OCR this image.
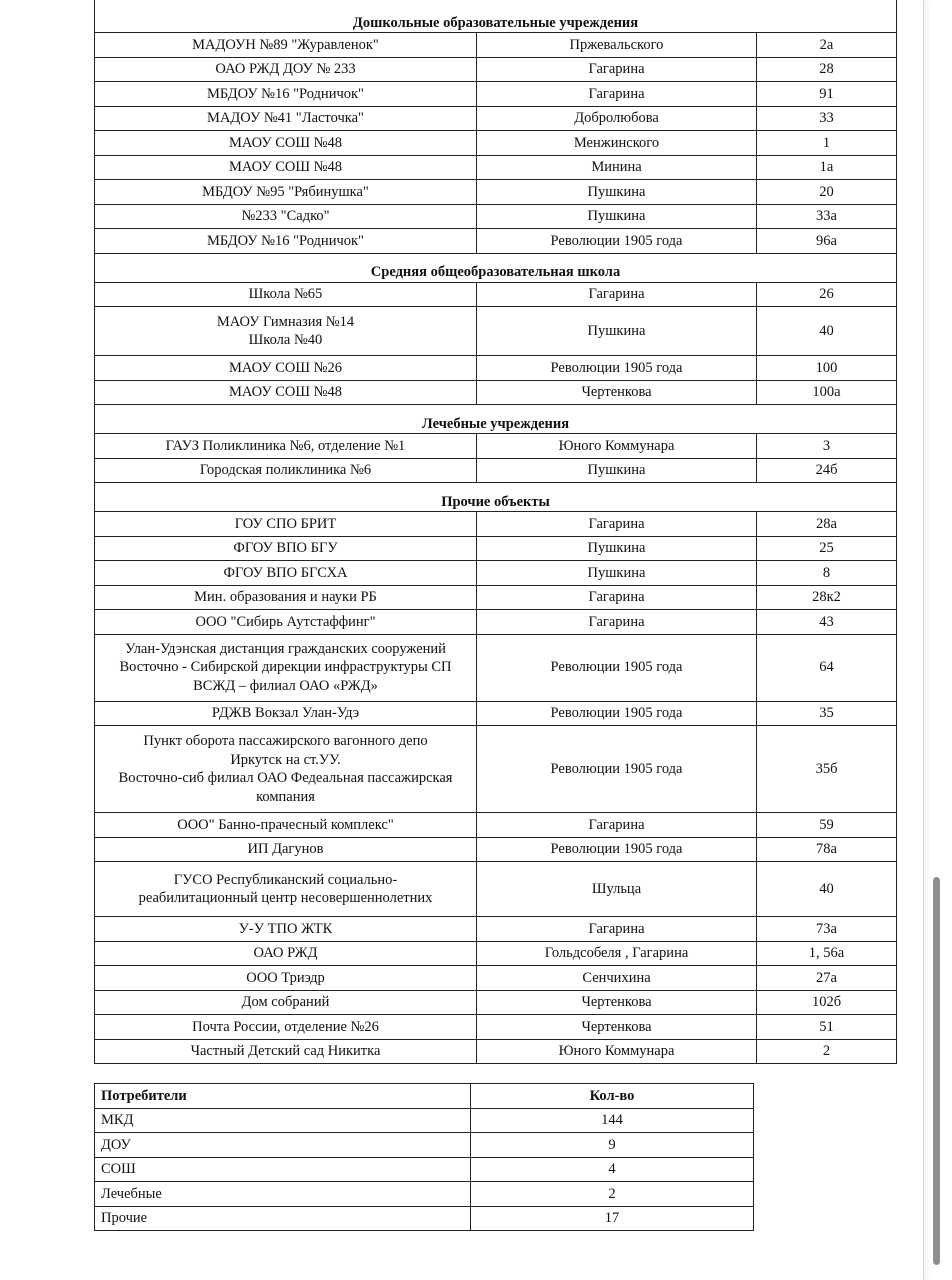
Дошкольные образовательные учреждения		
МАДОУН №89 "Журавленок"	Пржевальского	2а
ОАО РЖД ДОУ № 233	Гагарина	28
МБДОУ №16 "Родничок"	Гагарина	91
МАДОУ №41 "Ласточка"	Добролюбова	33
МАОУ СОШ №48	Менжинского	1
МАОУ СОШ №48	Минина	1а
МБДОУ №95 "Рябинушка"	Пушкина	20
№233 "Садко"	Пушкина	33а
МБДОУ №16 "Родничок"	Революции 1905 года	96а
Средняя общеобразовательная школа		
Школа №65	Гагарина	26

МАОУ Гимназия №14
Школа №40	Пушкина	40
МАОУ СОШ №26	Революции 1905 года	100
МАОУ СОШ №48	Чертенкова	100а
Лечебные учреждения		
ГАУЗ Поликлиника №6, отделение №1	Юного Коммунара	3
Городская поликлиника №6	Пушкина	24б
Прочие объекты		
ГОУ СПО БРИТ	Гагарина	28а
ФГОУ ВПО БГУ	Пушкина	25
ФГОУ ВПО БГСХА	Пушкина	8
Мин. образования и науки РБ	Гагарина	28к2
ООО "Сибирь Аутстаффинг"	Гагарина	43

Улан-Удэнская дистанция гражданских сооружений
Восточно - Сибирской дирекции инфраструктуры СП
ВСЖД – филиал ОАО «РЖД»	Революции 1905 года	64
РДЖВ Вокзал Улан-Удэ	Революции 1905 года	35

Пункт оборота пассажирского вагонного депо
Иркутск на ст.УУ.
Восточно-сиб филиал ОАО Федеальная пассажирская
компания	Революции 1905 года	35б
ООО" Банно-прачесный комплекс"	Гагарина	59
ИП Дагунов	Революции 1905 года	78а

ГУСО Республиканский социально-
реабилитационный центр несовершеннолетних	Шульца	40
У-У ТПО ЖТК	Гагарина	73а
ОАО РЖД	Гольдсобеля , Гагарина	1, 56а
ООО Триэдр	Сенчихина	27а
Дом собраний	Чертенкова	102б
Почта России, отделение №26	Чертенкова	51
Частный Детский сад Никитка	Юного Коммунара	2
Потребители	Кол-во
МКД	144
ДОУ	9
СОШ	4
Лечебные	2
Прочие	17
